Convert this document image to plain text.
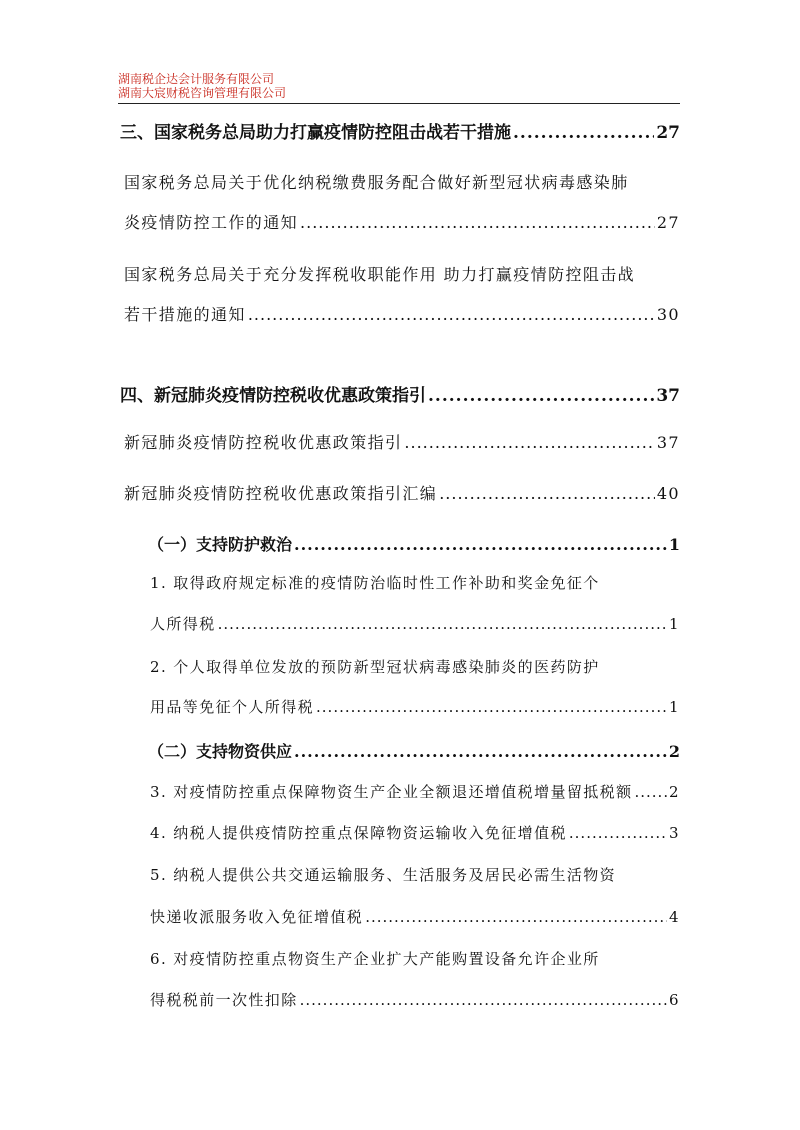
湖南税企达会计服务有限公司
湖南大宸财税咨询管理有限公司
三、国家税务总局助力打赢疫情防控阻击战若干措施 .....	27
国家税务总局关于优化纳税缴费服务配合做好新型冠状病毒感染肺
炎疫情防控工作的通知 .....	27
国家税务总局关于充分发挥税收职能作用 助力打赢疫情防控阻击战
若干措施的通知 .....	30
四、新冠肺炎疫情防控税收优惠政策指引 .....	37
新冠肺炎疫情防控税收优惠政策指引 .....	37
新冠肺炎疫情防控税收优惠政策指引汇编 .....	40
（一）支持防护救治 .....	1
1. 取得政府规定标准的疫情防治临时性工作补助和奖金免征个
人所得税 .....	1
2. 个人取得单位发放的预防新型冠状病毒感染肺炎的医药防护
用品等免征个人所得税 .....	1
（二）支持物资供应 .....	2
3. 对疫情防控重点保障物资生产企业全额退还增值税增量留抵税额 ..... 2
4. 纳税人提供疫情防控重点保障物资运输收入免征增值税 .....	3
5. 纳税人提供公共交通运输服务、生活服务及居民必需生活物资
快递收派服务收入免征增值税 .....	4
6. 对疫情防控重点物资生产企业扩大产能购置设备允许企业所
得税税前一次性扣除 .....	6
